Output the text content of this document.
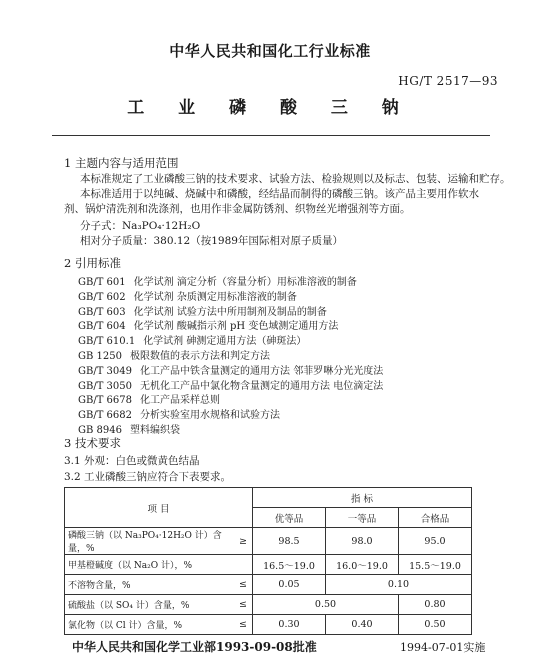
中华人民共和国化工行业标准
HG/T 2517—93
工 业 磷 酸 三 钠
1 主题内容与适用范围
本标准规定了工业磷酸三钠的技术要求、试验方法、检验规则以及标志、包装、运输和贮存。
本标准适用于以纯碱、烧碱中和磷酸，经结晶而制得的磷酸三钠。该产品主要用作软水剂、锅炉清洗剂和洗涤剂，也用作非金属防锈剂、织物丝光增强剂等方面。
分子式：Na₃PO₄·12H₂O
相对分子质量：380.12（按1989年国际相对原子质量）
2 引用标准
GB/T 601 化学试剂 滴定分析（容量分析）用标准溶液的制备
GB/T 602 化学试剂 杂质测定用标准溶液的制备
GB/T 603 化学试剂 试验方法中所用制剂及制品的制备
GB/T 604 化学试剂 酸碱指示剂 pH 变色域测定通用方法
GB/T 610.1 化学试剂 砷测定通用方法（砷斑法）
GB 1250 极限数值的表示方法和判定方法
GB/T 3049 化工产品中铁含量测定的通用方法 邻菲罗啉分光光度法
GB/T 3050 无机化工产品中氯化物含量测定的通用方法 电位滴定法
GB/T 6678 化工产品采样总则
GB/T 6682 分析实验室用水规格和试验方法
GB 8946 塑料编织袋
3 技术要求
3.1 外观：白色或微黄色结晶
3.2 工业磷酸三钠应符合下表要求。
项 目		指 标		
		优等品	一等品	合格品
磷酸三钠（以 Na₃PO₄·12H₂O 计）含量，%	≥	98.5	98.0	95.0
甲基橙碱度（以 Na₂O 计），%		16.5～19.0	16.0～19.0	15.5～19.0
不溶物含量，%	≤	0.05	0.10	
硫酸盐（以 SO₄ 计）含量，%	≤	0.50		0.80
氯化物（以 Cl 计）含量，%	≤	0.30	0.40	0.50
中华人民共和国化学工业部1993-09-08批准	1994-07-01实施
